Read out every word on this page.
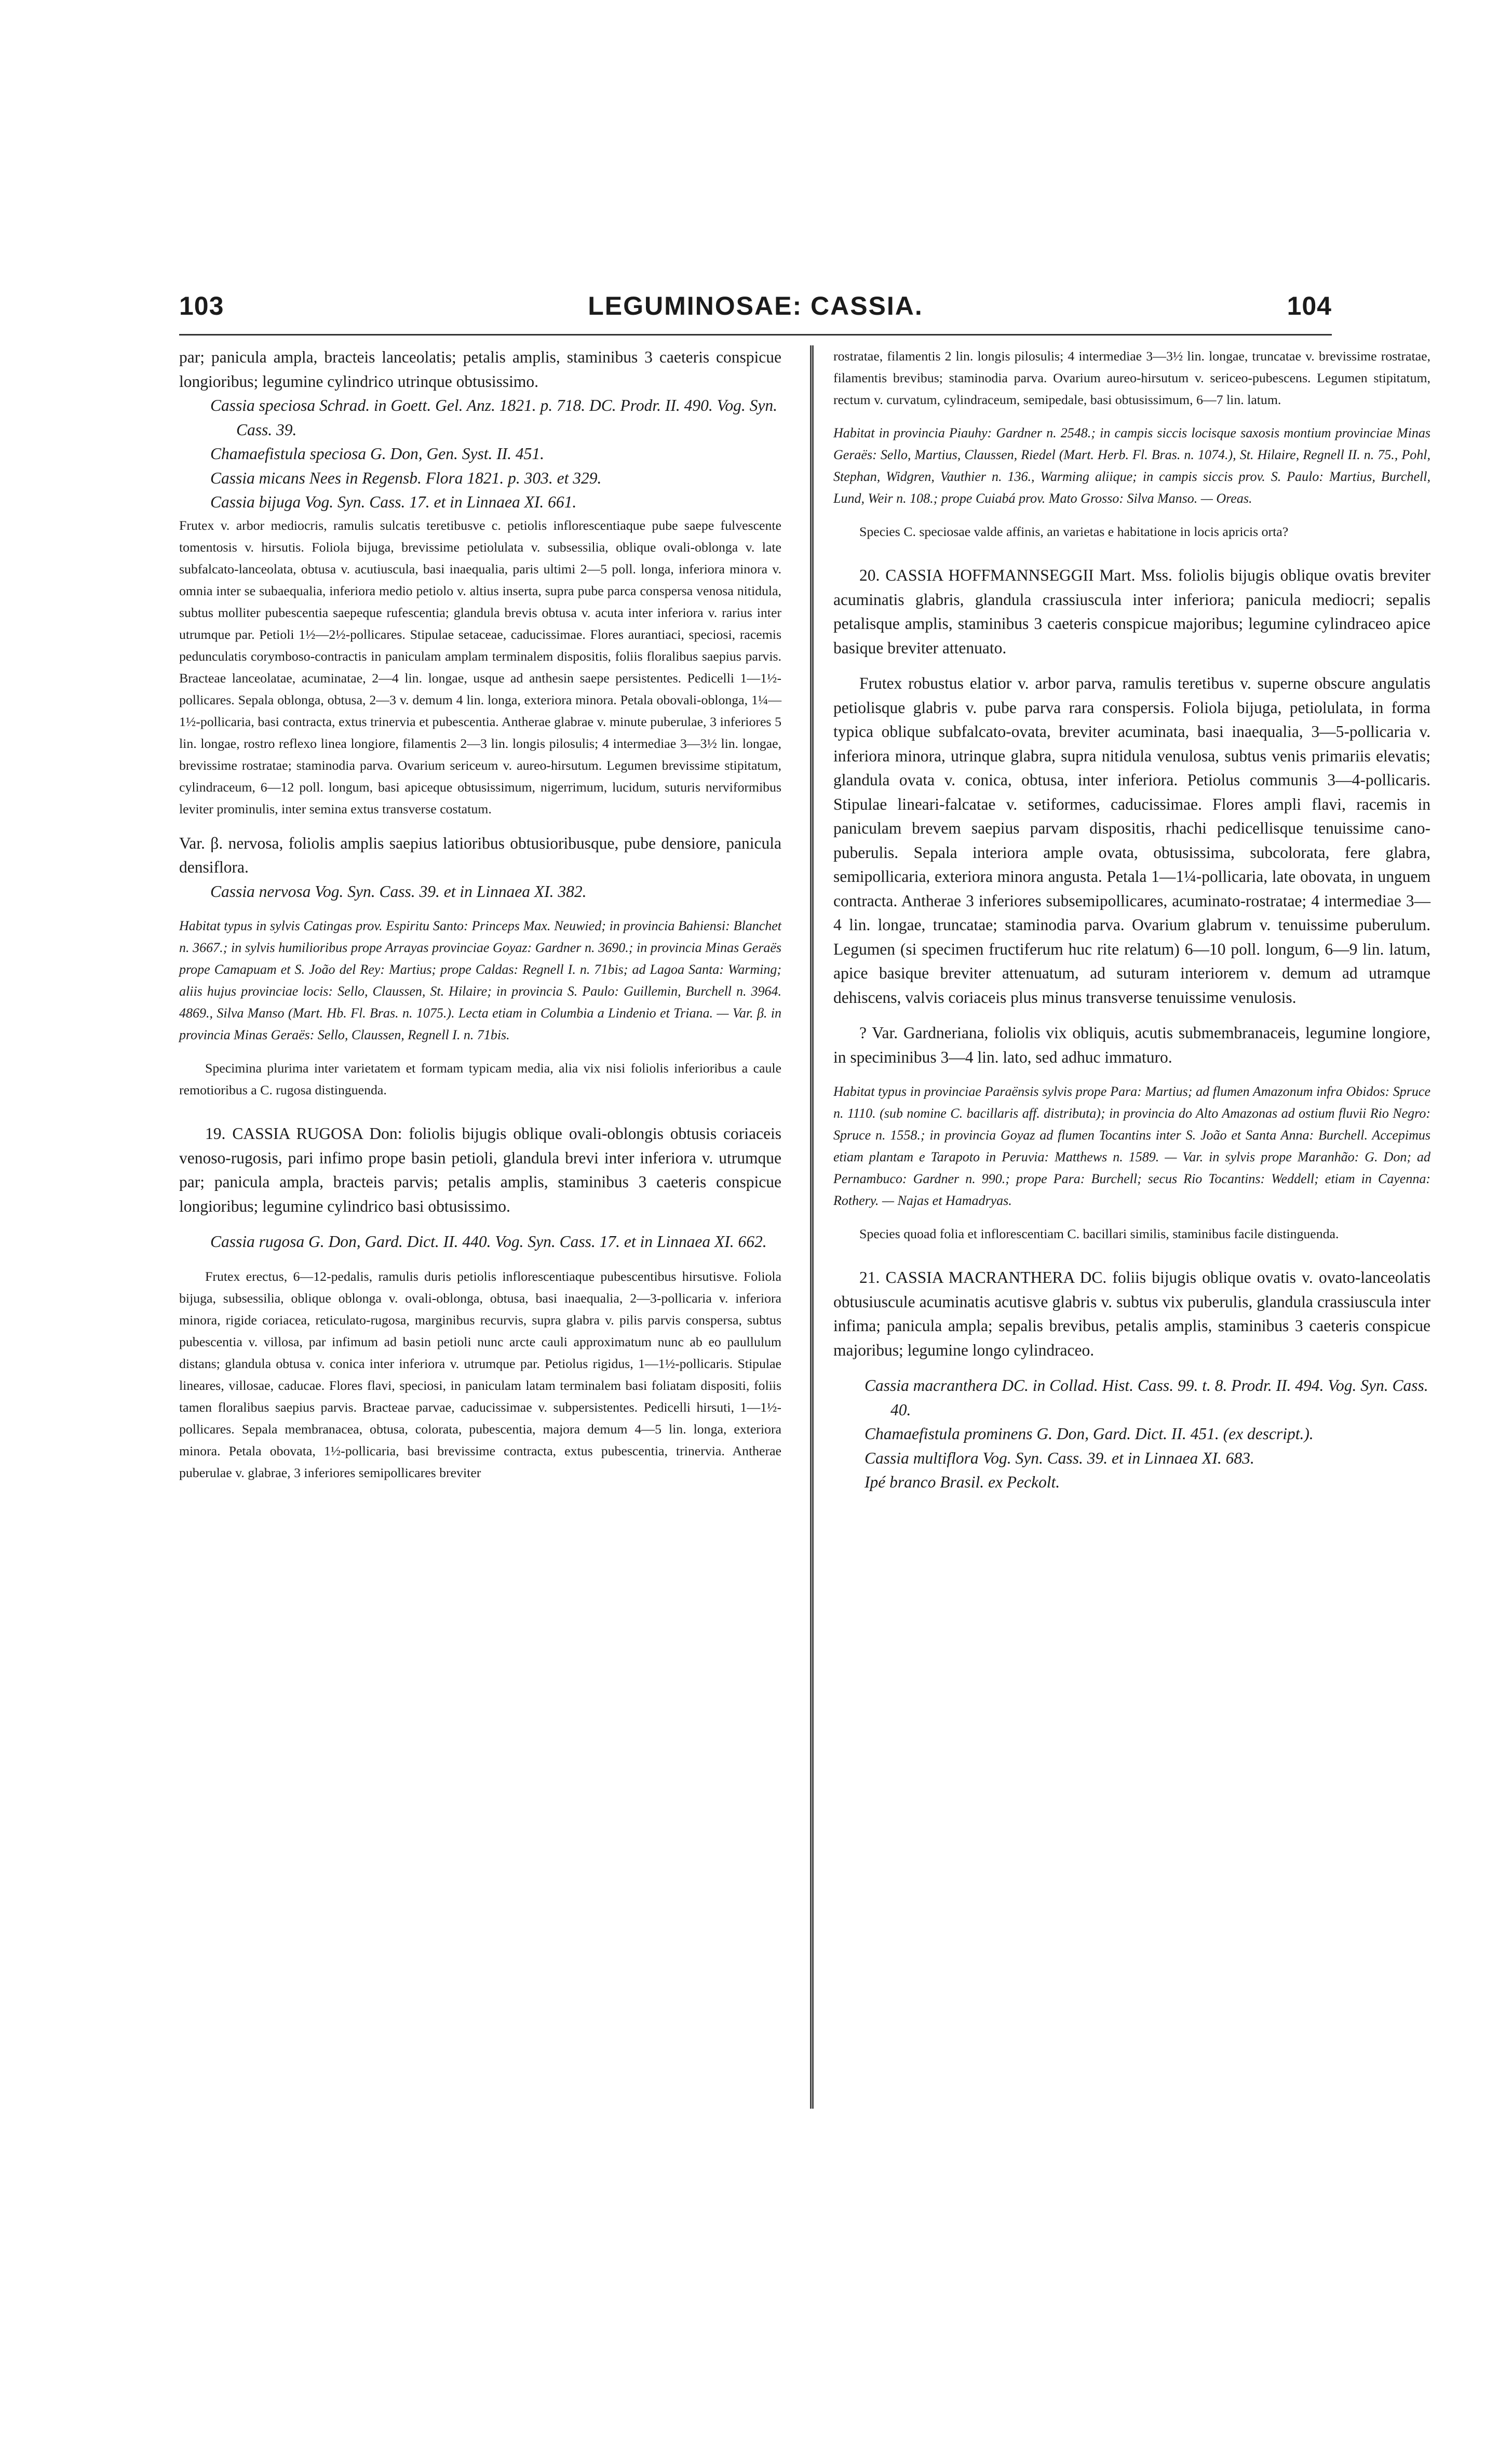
103	LEGUMINOSAE: CASSIA.	104

par; panicula ampla, bracteis lanceolatis; petalis amplis, staminibus 3 caeteris conspicue longioribus; legumine cylindrico utrinque obtusissimo.

Cassia speciosa Schrad. in Goett. Gel. Anz. 1821. p. 718. DC. Prodr. II. 490. Vog. Syn. Cass. 39.

Chamaefistula speciosa G. Don, Gen. Syst. II. 451.

Cassia micans Nees in Regensb. Flora 1821. p. 303. et 329.

Cassia bijuga Vog. Syn. Cass. 17. et in Linnaea XI. 661.

Frutex v. arbor mediocris, ramulis sulcatis teretibusve c. petiolis inflorescentiaque pube saepe fulvescente tomentosis v. hirsutis. Foliola bijuga, brevissime petiolulata v. subsessilia, oblique ovali-oblonga v. late subfalcato-lanceolata, obtusa v. acutiuscula, basi inaequalia, paris ultimi 2—5 poll. longa, inferiora minora v. omnia inter se subaequalia, inferiora medio petiolo v. altius inserta, supra pube parca conspersa venosa nitidula, subtus molliter pubescentia saepeque rufescentia; glandula brevis obtusa v. acuta inter inferiora v. rarius inter utrumque par. Petioli 1½—2½-pollicares. Stipulae setaceae, caducissimae. Flores aurantiaci, speciosi, racemis pedunculatis corymboso-contractis in paniculam amplam terminalem dispositis, foliis floralibus saepius parvis. Bracteae lanceolatae, acuminatae, 2—4 lin. longae, usque ad anthesin saepe persistentes. Pedicelli 1—1½-pollicares. Sepala oblonga, obtusa, 2—3 v. demum 4 lin. longa, exteriora minora. Petala obovali-oblonga, 1¼—1½-pollicaria, basi contracta, extus trinervia et pubescentia. Antherae glabrae v. minute puberulae, 3 inferiores 5 lin. longae, rostro reflexo linea longiore, filamentis 2—3 lin. longis pilosulis; 4 intermediae 3—3½ lin. longae, brevissime rostratae; staminodia parva. Ovarium sericeum v. aureo-hirsutum. Legumen brevissime stipitatum, cylindraceum, 6—12 poll. longum, basi apiceque obtusissimum, nigerrimum, lucidum, suturis nerviformibus leviter prominulis, inter semina extus transverse costatum.

Var. β. nervosa, foliolis amplis saepius latioribus obtusioribusque, pube densiore, panicula densiflora.

Cassia nervosa Vog. Syn. Cass. 39. et in Linnaea XI. 382.

Habitat typus in sylvis Catingas prov. Espiritu Santo: Princeps Max. Neuwied; in provincia Bahiensi: Blanchet n. 3667.; in sylvis humilioribus prope Arrayas provinciae Goyaz: Gardner n. 3690.; in provincia Minas Geraës prope Camapuam et S. João del Rey: Martius; prope Caldas: Regnell I. n. 71bis; ad Lagoa Santa: Warming; aliis hujus provinciae locis: Sello, Claussen, St. Hilaire; in provincia S. Paulo: Guillemin, Burchell n. 3964. 4869., Silva Manso (Mart. Hb. Fl. Bras. n. 1075.). Lecta etiam in Columbia a Lindenio et Triana. — Var. β. in provincia Minas Geraës: Sello, Claussen, Regnell I. n. 71bis.

Specimina plurima inter varietatem et formam typicam media, alia vix nisi foliolis inferioribus a caule remotioribus a C. rugosa distinguenda.

19. CASSIA RUGOSA Don: foliolis bijugis oblique ovali-oblongis obtusis coriaceis venoso-rugosis, pari infimo prope basin petioli, glandula brevi inter inferiora v. utrumque par; panicula ampla, bracteis parvis; petalis amplis, staminibus 3 caeteris conspicue longioribus; legumine cylindrico basi obtusissimo.

Cassia rugosa G. Don, Gard. Dict. II. 440. Vog. Syn. Cass. 17. et in Linnaea XI. 662.

Frutex erectus, 6—12-pedalis, ramulis duris petiolis inflorescentiaque pubescentibus hirsutisve. Foliola bijuga, subsessilia, oblique oblonga v. ovali-oblonga, obtusa, basi inaequalia, 2—3-pollicaria v. inferiora minora, rigide coriacea, reticulato-rugosa, marginibus recurvis, supra glabra v. pilis parvis conspersa, subtus pubescentia v. villosa, par infimum ad basin petioli nunc arcte cauli approximatum nunc ab eo paullulum distans; glandula obtusa v. conica inter inferiora v. utrumque par. Petiolus rigidus, 1—1½-pollicaris. Stipulae lineares, villosae, caducae. Flores flavi, speciosi, in paniculam latam terminalem basi foliatam dispositi, foliis tamen floralibus saepius parvis. Bracteae parvae, caducissimae v. subpersistentes. Pedicelli hirsuti, 1—1½-pollicares. Sepala membranacea, obtusa, colorata, pubescentia, majora demum 4—5 lin. longa, exteriora minora. Petala obovata, 1½-pollicaria, basi brevissime contracta, extus pubescentia, trinervia. Antherae puberulae v. glabrae, 3 inferiores semipollicares breviter

rostratae, filamentis 2 lin. longis pilosulis; 4 intermediae 3—3½ lin. longae, truncatae v. brevissime rostratae, filamentis brevibus; staminodia parva. Ovarium aureo-hirsutum v. sericeo-pubescens. Legumen stipitatum, rectum v. curvatum, cylindraceum, semipedale, basi obtusissimum, 6—7 lin. latum.

Habitat in provincia Piauhy: Gardner n. 2548.; in campis siccis locisque saxosis montium provinciae Minas Geraës: Sello, Martius, Claussen, Riedel (Mart. Herb. Fl. Bras. n. 1074.), St. Hilaire, Regnell II. n. 75., Pohl, Stephan, Widgren, Vauthier n. 136., Warming aliique; in campis siccis prov. S. Paulo: Martius, Burchell, Lund, Weir n. 108.; prope Cuiabá prov. Mato Grosso: Silva Manso. — Oreas.

Species C. speciosae valde affinis, an varietas e habitatione in locis apricis orta?

20. CASSIA HOFFMANNSEGGII Mart. Mss. foliolis bijugis oblique ovatis breviter acuminatis glabris, glandula crassiuscula inter inferiora; panicula mediocri; sepalis petalisque amplis, staminibus 3 caeteris conspicue majoribus; legumine cylindraceo apice basique breviter attenuato.

Frutex robustus elatior v. arbor parva, ramulis teretibus v. superne obscure angulatis petiolisque glabris v. pube parva rara conspersis. Foliola bijuga, petiolulata, in forma typica oblique subfalcato-ovata, breviter acuminata, basi inaequalia, 3—5-pollicaria v. inferiora minora, utrinque glabra, supra nitidula venulosa, subtus venis primariis elevatis; glandula ovata v. conica, obtusa, inter inferiora. Petiolus communis 3—4-pollicaris. Stipulae lineari-falcatae v. setiformes, caducissimae. Flores ampli flavi, racemis in paniculam brevem saepius parvam dispositis, rhachi pedicellisque tenuissime cano-puberulis. Sepala interiora ample ovata, obtusissima, subcolorata, fere glabra, semipollicaria, exteriora minora angusta. Petala 1—1¼-pollicaria, late obovata, in unguem contracta. Antherae 3 inferiores subsemipollicares, acuminato-rostratae; 4 intermediae 3—4 lin. longae, truncatae; staminodia parva. Ovarium glabrum v. tenuissime puberulum. Legumen (si specimen fructiferum huc rite relatum) 6—10 poll. longum, 6—9 lin. latum, apice basique breviter attenuatum, ad suturam interiorem v. demum ad utramque dehiscens, valvis coriaceis plus minus transverse tenuissime venulosis.

? Var. Gardneriana, foliolis vix obliquis, acutis submembranaceis, legumine longiore, in speciminibus 3—4 lin. lato, sed adhuc immaturo.

Habitat typus in provinciae Paraënsis sylvis prope Para: Martius; ad flumen Amazonum infra Obidos: Spruce n. 1110. (sub nomine C. bacillaris aff. distributa); in provincia do Alto Amazonas ad ostium fluvii Rio Negro: Spruce n. 1558.; in provincia Goyaz ad flumen Tocantins inter S. João et Santa Anna: Burchell. Accepimus etiam plantam e Tarapoto in Peruvia: Matthews n. 1589. — Var. in sylvis prope Maranhão: G. Don; ad Pernambuco: Gardner n. 990.; prope Para: Burchell; secus Rio Tocantins: Weddell; etiam in Cayenna: Rothery. — Najas et Hamadryas.

Species quoad folia et inflorescentiam C. bacillari similis, staminibus facile distinguenda.

21. CASSIA MACRANTHERA DC. foliis bijugis oblique ovatis v. ovato-lanceolatis obtusiuscule acuminatis acutisve glabris v. subtus vix puberulis, glandula crassiuscula inter infima; panicula ampla; sepalis brevibus, petalis amplis, staminibus 3 caeteris conspicue majoribus; legumine longo cylindraceo.

Cassia macranthera DC. in Collad. Hist. Cass. 99. t. 8. Prodr. II. 494. Vog. Syn. Cass. 40.

Chamaefistula prominens G. Don, Gard. Dict. II. 451. (ex descript.).

Cassia multiflora Vog. Syn. Cass. 39. et in Linnaea XI. 683.

Ipé branco Brasil. ex Peckolt.
